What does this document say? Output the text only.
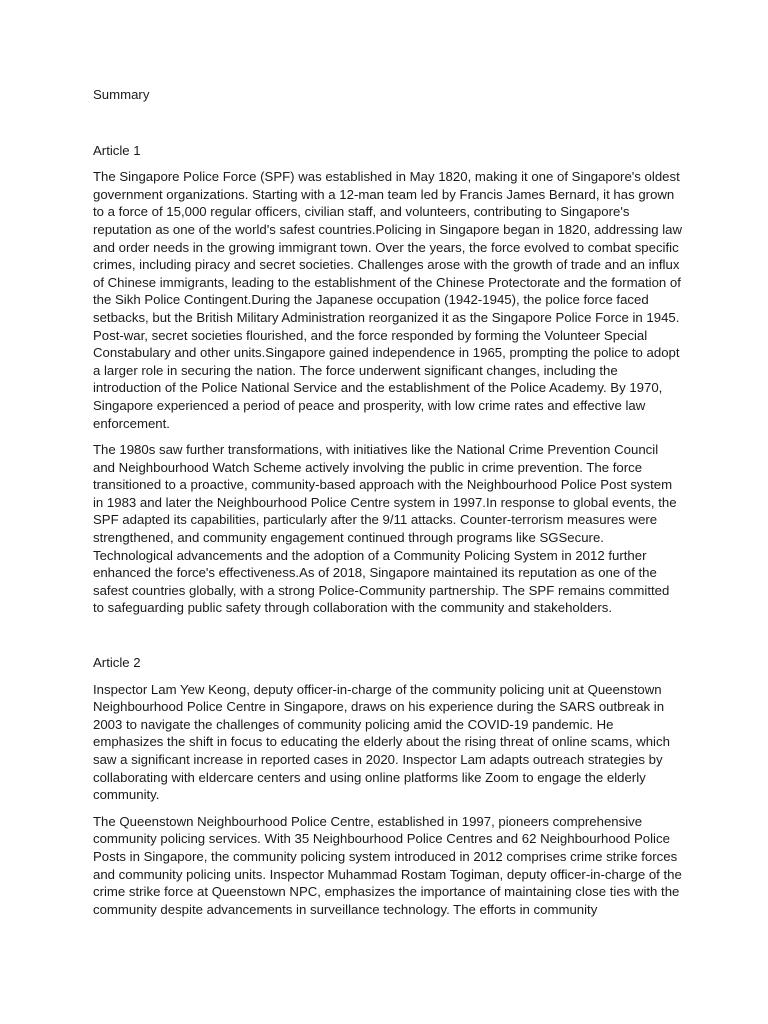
Summary
Article 1

The Singapore Police Force (SPF) was established in May 1820, making it one of Singapore's oldest government organizations. Starting with a 12-man team led by Francis James Bernard, it has grown to a force of 15,000 regular officers, civilian staff, and volunteers, contributing to Singapore's reputation as one of the world's safest countries.Policing in Singapore began in 1820, addressing law and order needs in the growing immigrant town. Over the years, the force evolved to combat specific crimes, including piracy and secret societies. Challenges arose with the growth of trade and an influx of Chinese immigrants, leading to the establishment of the Chinese Protectorate and the formation of the Sikh Police Contingent.During the Japanese occupation (1942-1945), the police force faced setbacks, but the British Military Administration reorganized it as the Singapore Police Force in 1945. Post-war, secret societies flourished, and the force responded by forming the Volunteer Special Constabulary and other units.Singapore gained independence in 1965, prompting the police to adopt a larger role in securing the nation. The force underwent significant changes, including the introduction of the Police National Service and the establishment of the Police Academy. By 1970, Singapore experienced a period of peace and prosperity, with low crime rates and effective law enforcement.

The 1980s saw further transformations, with initiatives like the National Crime Prevention Council and Neighbourhood Watch Scheme actively involving the public in crime prevention. The force transitioned to a proactive, community-based approach with the Neighbourhood Police Post system in 1983 and later the Neighbourhood Police Centre system in 1997.In response to global events, the SPF adapted its capabilities, particularly after the 9/11 attacks. Counter-terrorism measures were strengthened, and community engagement continued through programs like SGSecure. Technological advancements and the adoption of a Community Policing System in 2012 further enhanced the force's effectiveness.As of 2018, Singapore maintained its reputation as one of the safest countries globally, with a strong Police-Community partnership. The SPF remains committed to safeguarding public safety through collaboration with the community and stakeholders.

Article 2

Inspector Lam Yew Keong, deputy officer-in-charge of the community policing unit at Queenstown Neighbourhood Police Centre in Singapore, draws on his experience during the SARS outbreak in 2003 to navigate the challenges of community policing amid the COVID-19 pandemic. He emphasizes the shift in focus to educating the elderly about the rising threat of online scams, which saw a significant increase in reported cases in 2020. Inspector Lam adapts outreach strategies by collaborating with eldercare centers and using online platforms like Zoom to engage the elderly community.

The Queenstown Neighbourhood Police Centre, established in 1997, pioneers comprehensive community policing services. With 35 Neighbourhood Police Centres and 62 Neighbourhood Police Posts in Singapore, the community policing system introduced in 2012 comprises crime strike forces and community policing units. Inspector Muhammad Rostam Togiman, deputy officer-in-charge of the crime strike force at Queenstown NPC, emphasizes the importance of maintaining close ties with the community despite advancements in surveillance technology. The efforts in community
